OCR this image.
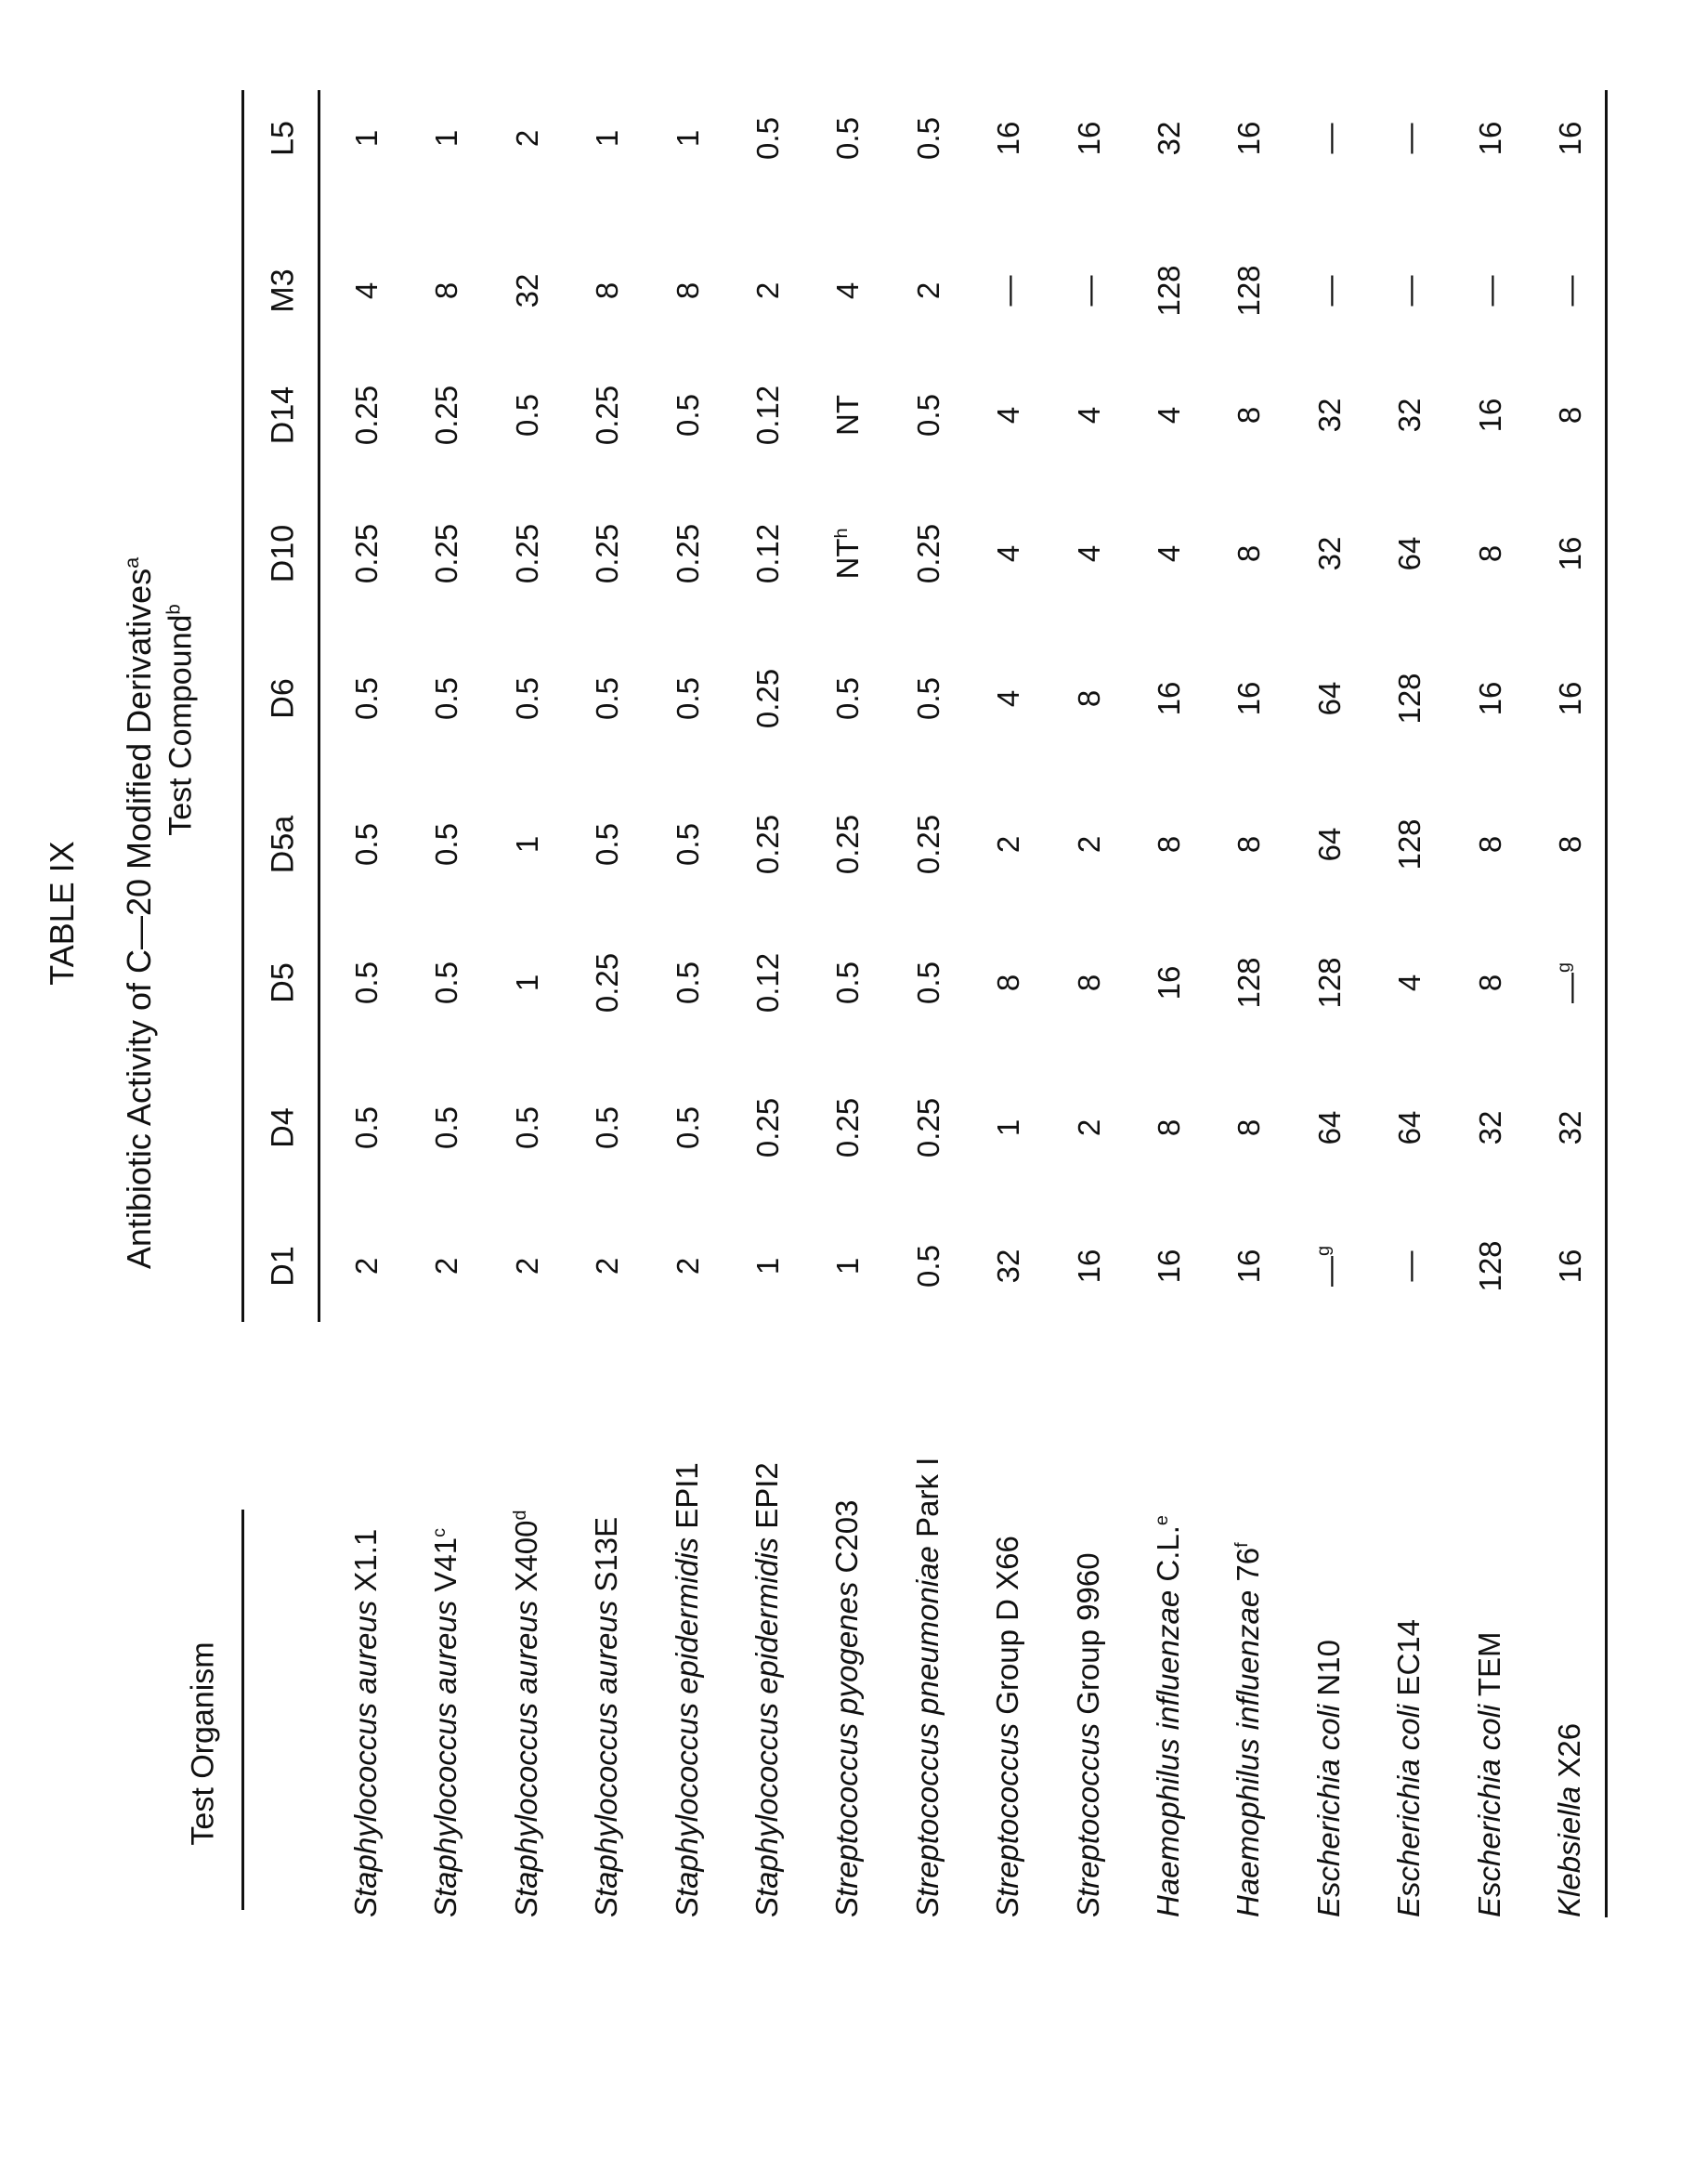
TABLE IX Antibiotic Activity of C—20 Modified Derivativesa
Test Organism
Test Compoundb
D1
D4
D5
D5a
D6
D10
D14
M3
L5
Staphylococcus aureus X1.1
2
0.5
0.5
0.5
0.5
0.25
0.25
4
1
Staphylococcus aureus V41c
2
0.5
0.5
0.5
0.5
0.25
0.25
8
1
Staphylococcus aureus X400d
2
0.5
1
1
0.5
0.25
0.5
32
2
Staphylococcus aureus S13E
2
0.5
0.25
0.5
0.5
0.25
0.25
8
1
Staphylococcus epidermidis EPI1
2
0.5
0.5
0.5
0.5
0.25
0.5
8
1
Staphylococcus epidermidis EPI2
1
0.25
0.12
0.25
0.25
0.12
0.12
2
0.5
Streptococcus pyogenes C203
1
0.25
0.5
0.25
0.5
NTh
NT
4
0.5
Streptococcus pneumoniae Park I
0.5
0.25
0.5
0.25
0.5
0.25
0.5
2
0.5
Streptococcus Group D X66
32
1
8
2
4
4
4
—
16
Streptococcus Group 9960
16
2
8
2
8
4
4
—
16
Haemophilus influenzae C.L.e
16
8
16
8
16
4
4
128
32
Haemophilus influenzae 76f
16
8
128
8
16
8
8
128
16
Escherichia coli N10
—g
64
128
64
64
32
32
—
—
Escherichia coli EC14
—
64
4
128
128
64
32
—
—
Escherichia coli TEM
128
32
8
8
16
8
16
—
16
Klebsiella X26
16
32
—g
8
16
16
8
—
16
